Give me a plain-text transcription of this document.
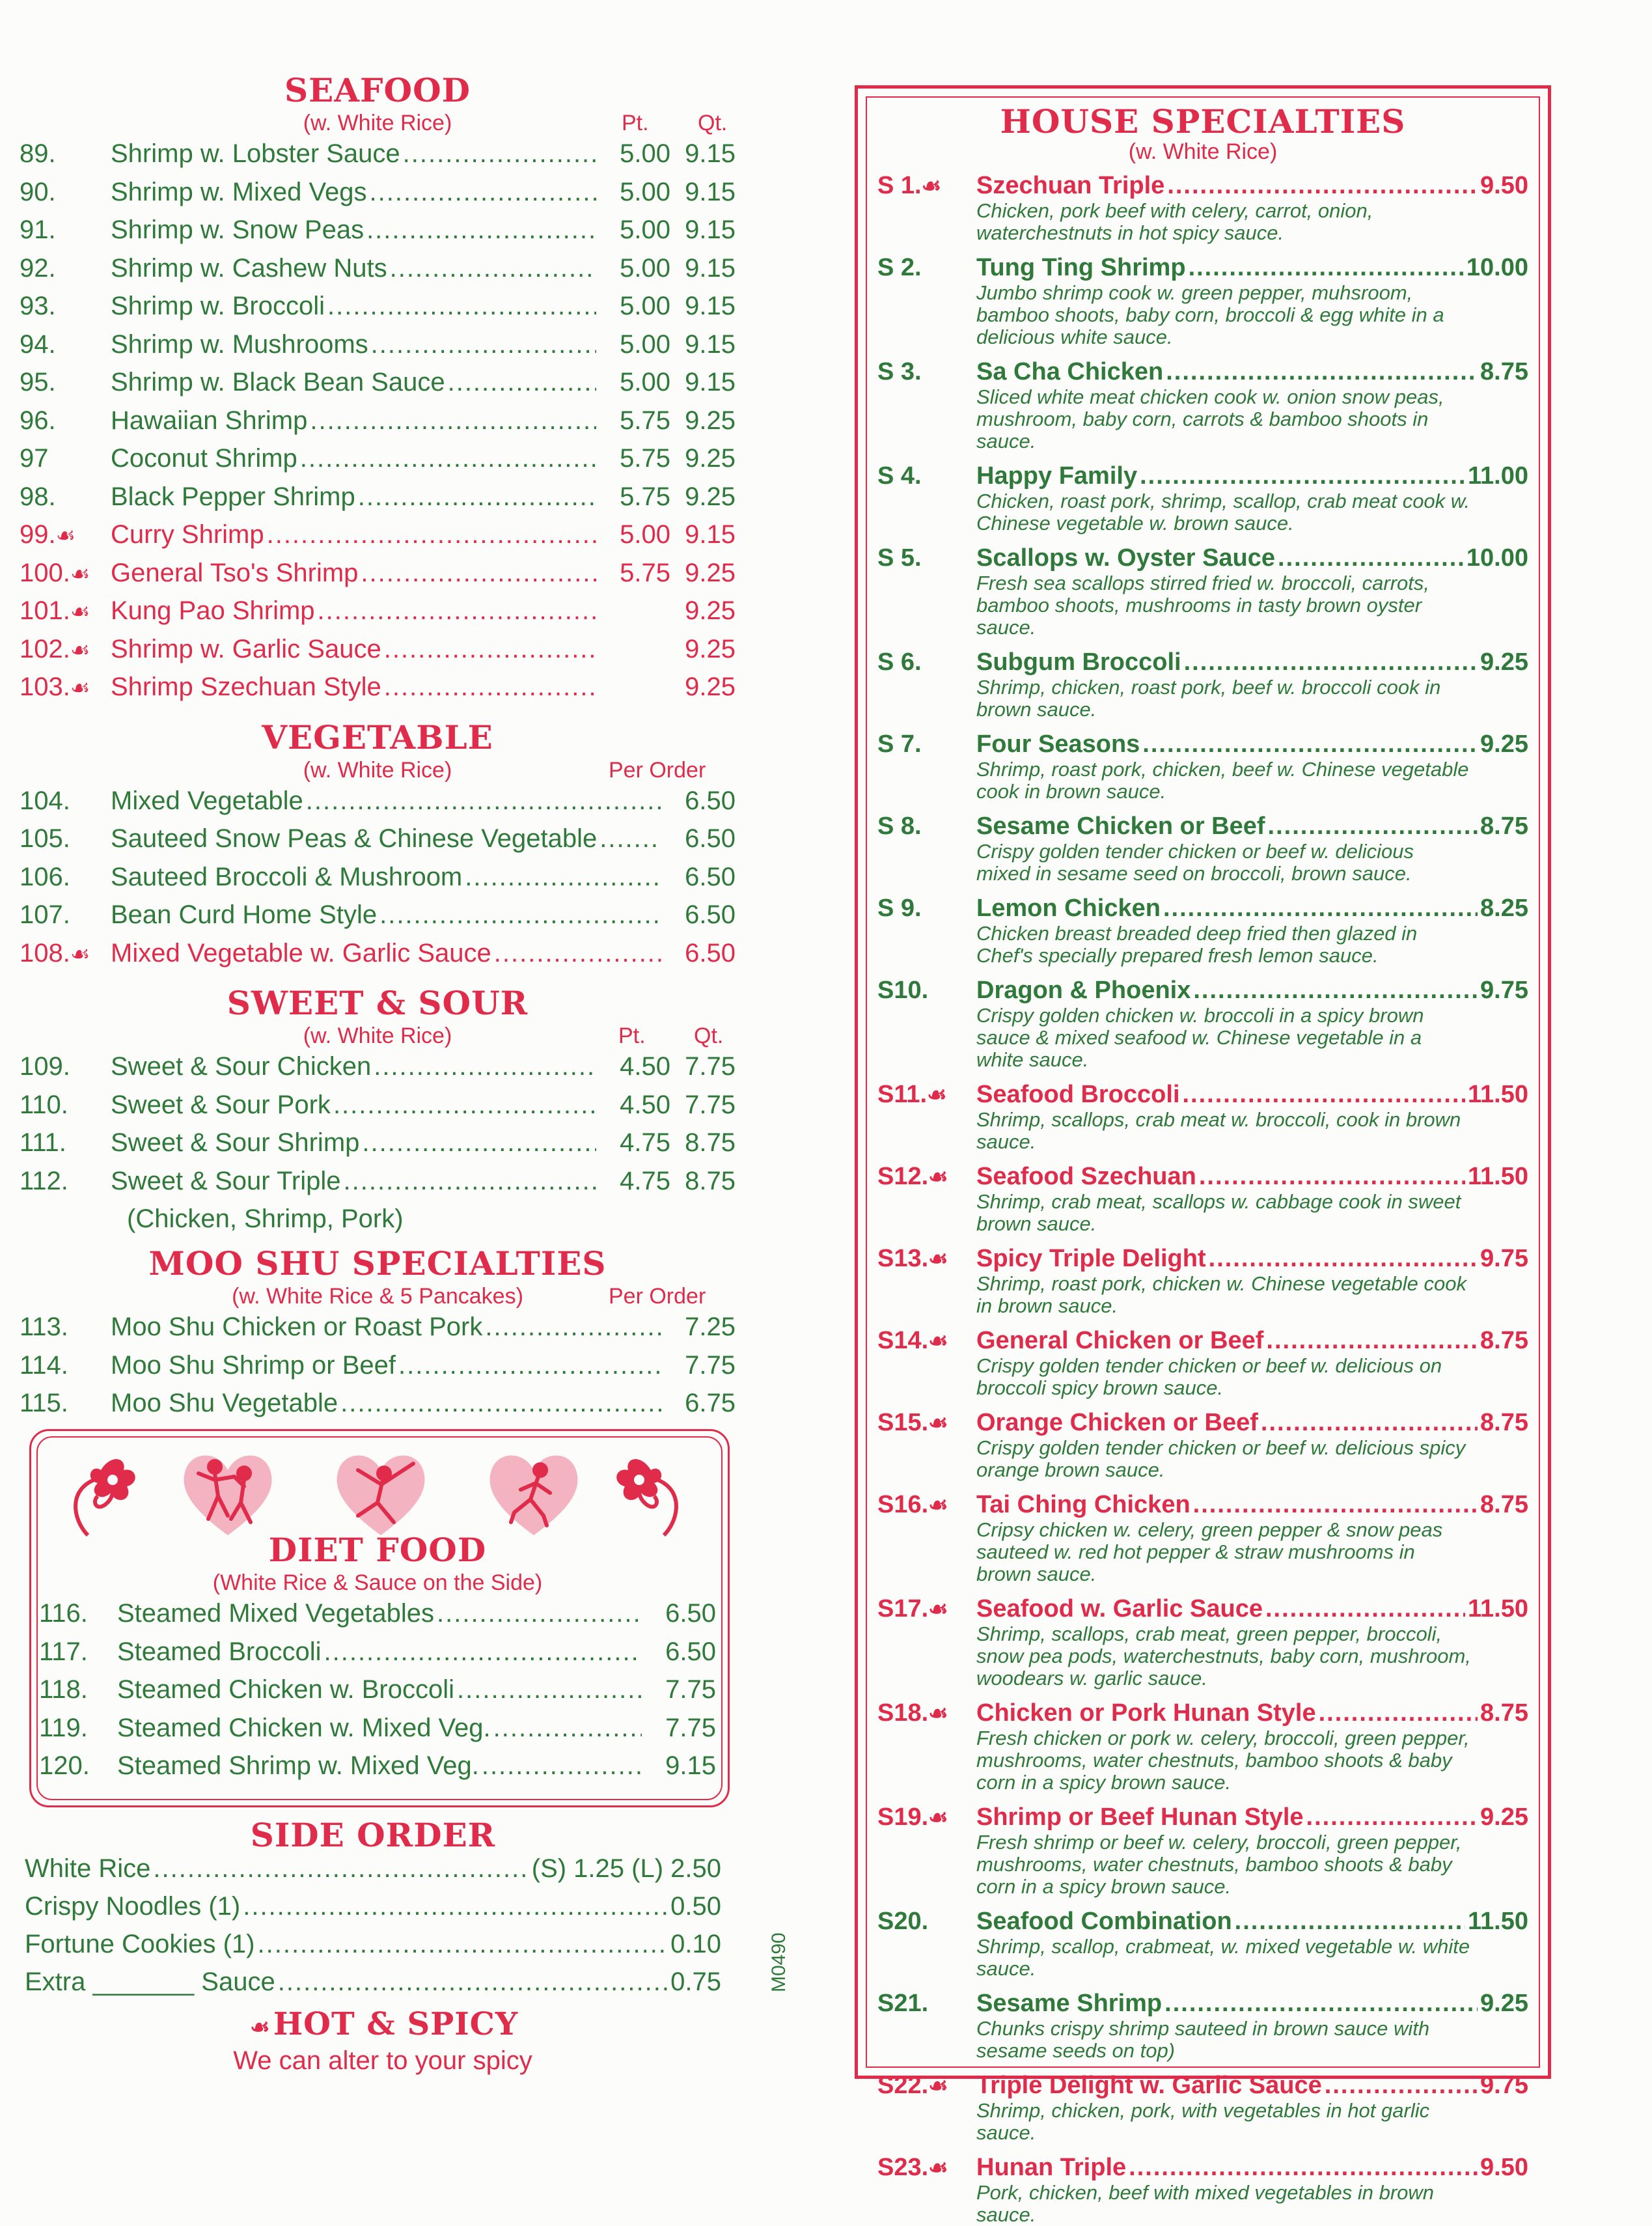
SEAFOOD
(w. White Rice)	Pt. Qt.
89.	Shrimp w. Lobster Sauce .....	5.00 9.15
90.	Shrimp w. Mixed Vegs .....	5.00 9.15
91.	Shrimp w. Snow Peas .....	5.00 9.15
92.	Shrimp w. Cashew Nuts .....	5.00 9.15
93.	Shrimp w. Broccoli .....	5.00 9.15
94.	Shrimp w. Mushrooms .....	5.00 9.15
95.	Shrimp w. Black Bean Sauce .....	5.00 9.15
96.	Hawaiian Shrimp .....	5.75 9.25
97	Coconut Shrimp .....	5.75 9.25
98.	Black Pepper Shrimp .....	5.75 9.25
99.☙	Curry Shrimp .....	5.00 9.15
100.☙ General Tso's Shrimp .....	5.75 9.25
101.☙ Kung Pao Shrimp .....	9.25
102.☙ Shrimp w. Garlic Sauce .....	9.25
103.☙ Shrimp Szechuan Style .....	9.25
VEGETABLE
(w. White Rice)	Per Order
104.	Mixed Vegetable .....	6.50
105.	Sauteed Snow Peas & Chinese Vegetable .....	6.50
106.	Sauteed Broccoli & Mushroom .....	6.50
107.	Bean Curd Home Style .....	6.50
108.☙ Mixed Vegetable w. Garlic Sauce .....	6.50
SWEET & SOUR
(w. White Rice)	Pt. Qt.
109.	Sweet & Sour Chicken .....	4.50 7.75
110.	Sweet & Sour Pork .....	4.50 7.75
111.	Sweet & Sour Shrimp .....	4.75 8.75
112.	Sweet & Sour Triple .....	4.75 8.75
(Chicken, Shrimp, Pork)
MOO SHU SPECIALTIES
(w. White Rice & 5 Pancakes)	Per Order
113.	Moo Shu Chicken or Roast Pork .....	7.25
114.	Moo Shu Shrimp or Beef .....	7.75
115.	Moo Shu Vegetable .....	6.75
DIET FOOD
(White Rice & Sauce on the Side)
116.	Steamed Mixed Vegetables .....	6.50
117.	Steamed Broccoli .....	6.50
118.	Steamed Chicken w. Broccoli .....	7.75
119.	Steamed Chicken w. Mixed Veg. .....	7.75
120.	Steamed Shrimp w. Mixed Veg. .....	9.15
SIDE ORDER
White Rice .....	(S) 1.25 (L) 2.50
Crispy Noodles (1) .....	0.50
Fortune Cookies (1) .....	0.10
Extra _______ Sauce .....	0.75
☙HOT & SPICY
We can alter to your spicy
M0490
HOUSE SPECIALTIES
(w. White Rice)
S 1.☙	Szechuan Triple .....	9.50
Chicken, pork beef with celery, carrot, onion, waterchestnuts in hot spicy sauce.
S 2.	Tung Ting Shrimp .....	10.00
Jumbo shrimp cook w. green pepper, muhsroom, bamboo shoots, baby corn, broccoli & egg white in a delicious white sauce.
S 3.	Sa Cha Chicken .....	8.75
Sliced white meat chicken cook w. onion snow peas, mushroom, baby corn, carrots & bamboo shoots in sauce.
S 4.	Happy Family .....	11.00
Chicken, roast pork, shrimp, scallop, crab meat cook w. Chinese vegetable w. brown sauce.
S 5.	Scallops w. Oyster Sauce .....	10.00
Fresh sea scallops stirred fried w. broccoli, carrots, bamboo shoots, mushrooms in tasty brown oyster sauce.
S 6.	Subgum Broccoli .....	9.25
Shrimp, chicken, roast pork, beef w. broccoli cook in brown sauce.
S 7.	Four Seasons .....	9.25
Shrimp, roast pork, chicken, beef w. Chinese vegetable cook in brown sauce.
S 8.	Sesame Chicken or Beef .....	8.75
Crispy golden tender chicken or beef w. delicious mixed in sesame seed on broccoli, brown sauce.
S 9.	Lemon Chicken .....	8.25
Chicken breast breaded deep fried then glazed in Chef's specially prepared fresh lemon sauce.
S10.	Dragon & Phoenix .....	9.75
Crispy golden chicken w. broccoli in a spicy brown sauce & mixed seafood w. Chinese vegetable in a white sauce.
S11.☙	Seafood Broccoli .....	11.50
Shrimp, scallops, crab meat w. broccoli, cook in brown sauce.
S12.☙	Seafood Szechuan .....	11.50
Shrimp, crab meat, scallops w. cabbage cook in sweet brown sauce.
S13.☙	Spicy Triple Delight .....	9.75
Shrimp, roast pork, chicken w. Chinese vegetable cook in brown sauce.
S14.☙	General Chicken or Beef .....	8.75
Crispy golden tender chicken or beef w. delicious on broccoli spicy brown sauce.
S15.☙	Orange Chicken or Beef .....	8.75
Crispy golden tender chicken or beef w. delicious spicy orange brown sauce.
S16.☙	Tai Ching Chicken .....	8.75
Cripsy chicken w. celery, green pepper & snow peas sauteed w. red hot pepper & straw mushrooms in brown sauce.
S17.☙	Seafood w. Garlic Sauce .....	11.50
Shrimp, scallops, crab meat, green pepper, broccoli, snow pea pods, waterchestnuts, baby corn, mushroom, woodears w. garlic sauce.
S18.☙	Chicken or Pork Hunan Style .....	8.75
Fresh chicken or pork w. celery, broccoli, green pepper, mushrooms, water chestnuts, bamboo shoots & baby corn in a spicy brown sauce.
S19.☙	Shrimp or Beef Hunan Style .....	9.25
Fresh shrimp or beef w. celery, broccoli, green pepper, mushrooms, water chestnuts, bamboo shoots & baby corn in a spicy brown sauce.
S20.	Seafood Combination .....	11.50
Shrimp, scallop, crabmeat, w. mixed vegetable w. white sauce.
S21.	Sesame Shrimp .....	9.25
Chunks crispy shrimp sauteed in brown sauce with sesame seeds on top)
S22.☙	Triple Delight w. Garlic Sauce .....	9.75
Shrimp, chicken, pork, with vegetables in hot garlic sauce.
S23.☙	Hunan Triple .....	9.50
Pork, chicken, beef with mixed vegetables in brown sauce.
